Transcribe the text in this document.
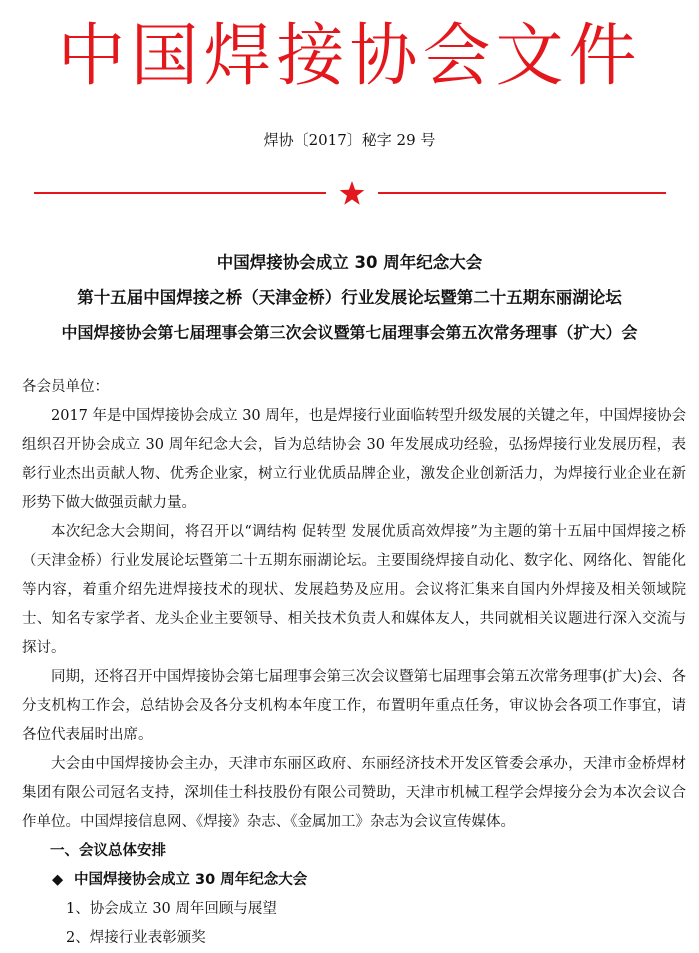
中国焊接协会文件
焊协〔2017〕秘字 29 号
中国焊接协会成立 30 周年纪念大会
第十五届中国焊接之桥（天津金桥）行业发展论坛暨第二十五期东丽湖论坛
中国焊接协会第七届理事会第三次会议暨第七届理事会第五次常务理事（扩大）会

各会员单位：

2017 年是中国焊接协会成立 30 周年，也是焊接行业面临转型升级发展的关键之年，中国焊接协会组织召开协会成立 30 周年纪念大会，旨为总结协会 30 年发展成功经验，弘扬焊接行业发展历程，表彰行业杰出贡献人物、优秀企业家，树立行业优质品牌企业，激发企业创新活力，为焊接行业企业在新形势下做大做强贡献力量。

本次纪念大会期间，将召开以“调结构 促转型 发展优质高效焊接”为主题的第十五届中国焊接之桥（天津金桥）行业发展论坛暨第二十五期东丽湖论坛。主要围绕焊接自动化、数字化、网络化、智能化等内容，着重介绍先进焊接技术的现状、发展趋势及应用。会议将汇集来自国内外焊接及相关领域院士、知名专家学者、龙头企业主要领导、相关技术负责人和媒体友人，共同就相关议题进行深入交流与探讨。

同期，还将召开中国焊接协会第七届理事会第三次会议暨第七届理事会第五次常务理事(扩大)会、各分支机构工作会，总结协会及各分支机构本年度工作，布置明年重点任务，审议协会各项工作事宜，请各位代表届时出席。

大会由中国焊接协会主办，天津市东丽区政府、东丽经济技术开发区管委会承办，天津市金桥焊材集团有限公司冠名支持，深圳佳士科技股份有限公司赞助，天津市机械工程学会焊接分会为本次会议合作单位。中国焊接信息网、《焊接》杂志、《金属加工》杂志为会议宣传媒体。

一、会议总体安排

◆ 中国焊接协会成立 30 周年纪念大会

1、协会成立 30 周年回顾与展望

2、焊接行业表彰颁奖
